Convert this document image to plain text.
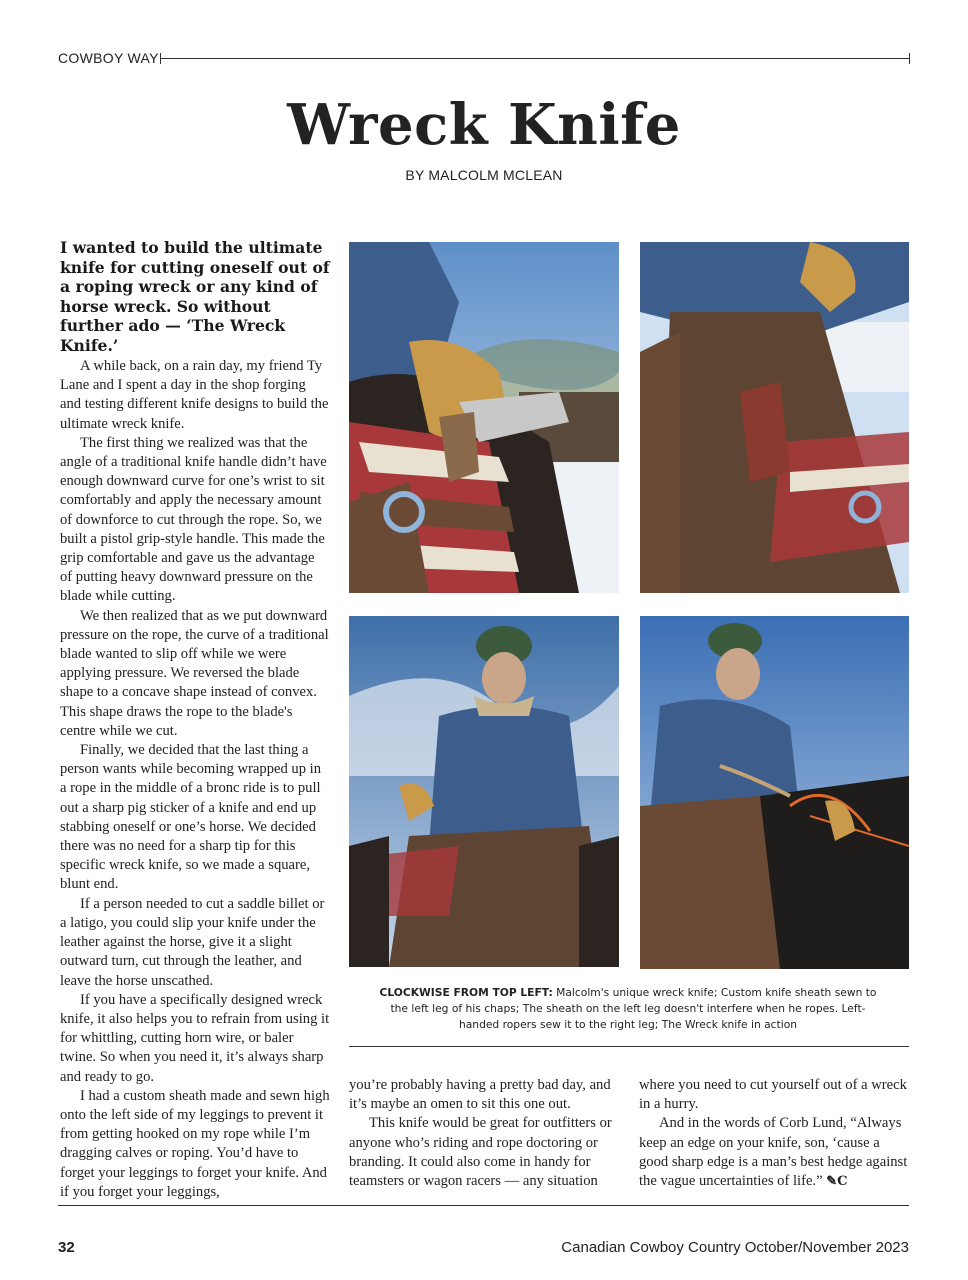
COWBOY WAY
Wreck Knife
BY MALCOLM MCLEAN
I wanted to build the ultimate knife for cutting oneself out of a roping wreck or any kind of horse wreck. So without further ado — ‘The Wreck Knife.’

A while back, on a rain day, my friend Ty Lane and I spent a day in the shop forging and testing different knife designs to build the ultimate wreck knife.

The first thing we realized was that the angle of a traditional knife handle didn’t have enough downward curve for one’s wrist to sit comfortably and apply the necessary amount of downforce to cut through the rope. So, we built a pistol grip-style handle. This made the grip comfortable and gave us the advantage of putting heavy downward pressure on the blade while cutting.

We then realized that as we put downward pressure on the rope, the curve of a traditional blade wanted to slip off while we were applying pressure. We reversed the blade shape to a concave shape instead of convex. This shape draws the rope to the blade's centre while we cut.

Finally, we decided that the last thing a person wants while becoming wrapped up in a rope in the middle of a bronc ride is to pull out a sharp pig sticker of a knife and end up stabbing oneself or one’s horse. We decided there was no need for a sharp tip for this specific wreck knife, so we made a square, blunt end.

If a person needed to cut a saddle billet or a latigo, you could slip your knife under the leather against the horse, give it a slight outward turn, cut through the leather, and leave the horse unscathed.

If you have a specifically designed wreck knife, it also helps you to refrain from using it for whittling, cutting horn wire, or baler twine. So when you need it, it’s always sharp and ready to go.

I had a custom sheath made and sewn high onto the left side of my leggings to prevent it from getting hooked on my rope while I’m dragging calves or roping. You’d have to forget your leggings to forget your knife. And if you forget your leggings,

CLOCKWISE FROM TOP LEFT: Malcolm's unique wreck knife; Custom knife sheath sewn to the left leg of his chaps; The sheath on the left leg doesn't interfere when he ropes. Left-handed ropers sew it to the right leg; The Wreck knife in action

you’re probably having a pretty bad day, and it’s maybe an omen to sit this one out.

This knife would be great for outfitters or anyone who’s riding and rope doctoring or branding. It could also come in handy for teamsters or wagon racers — any situation

where you need to cut yourself out of a wreck in a hurry.

And in the words of Corb Lund, “Always keep an edge on your knife, son, ‘cause a good sharp edge is a man’s best hedge against the vague uncertainties of life.” ✎C

32	Canadian Cowboy Country October/November 2023
